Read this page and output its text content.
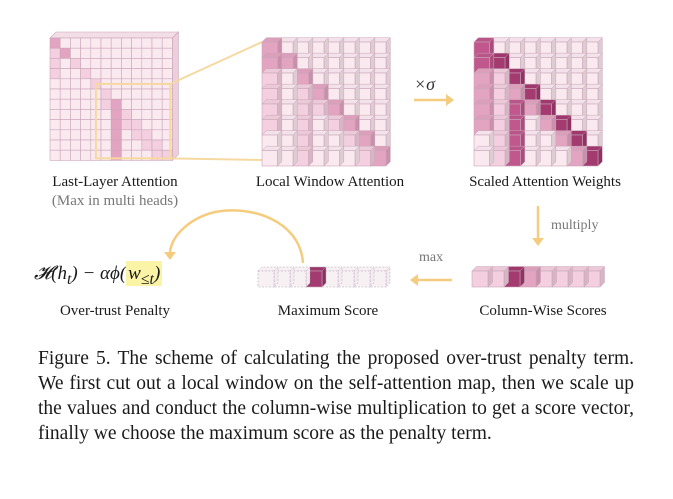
×σ
multiply
max
Last-Layer Attention
(Max in multi heads)
Local Window Attention	Scaled Attention Weights
$𝓗(h_t) - \alpha\phi$( $w_{\le t}$)
Over-trust Penalty	Maximum Score	Column-Wise Scores
Figure 5. The scheme of calculating the proposed over-trust penalty term. We first cut out a local window on the self-attention map, then we scale up the values and conduct the column-wise multiplication to get a score vector, finally we choose the maximum score as the penalty term.
